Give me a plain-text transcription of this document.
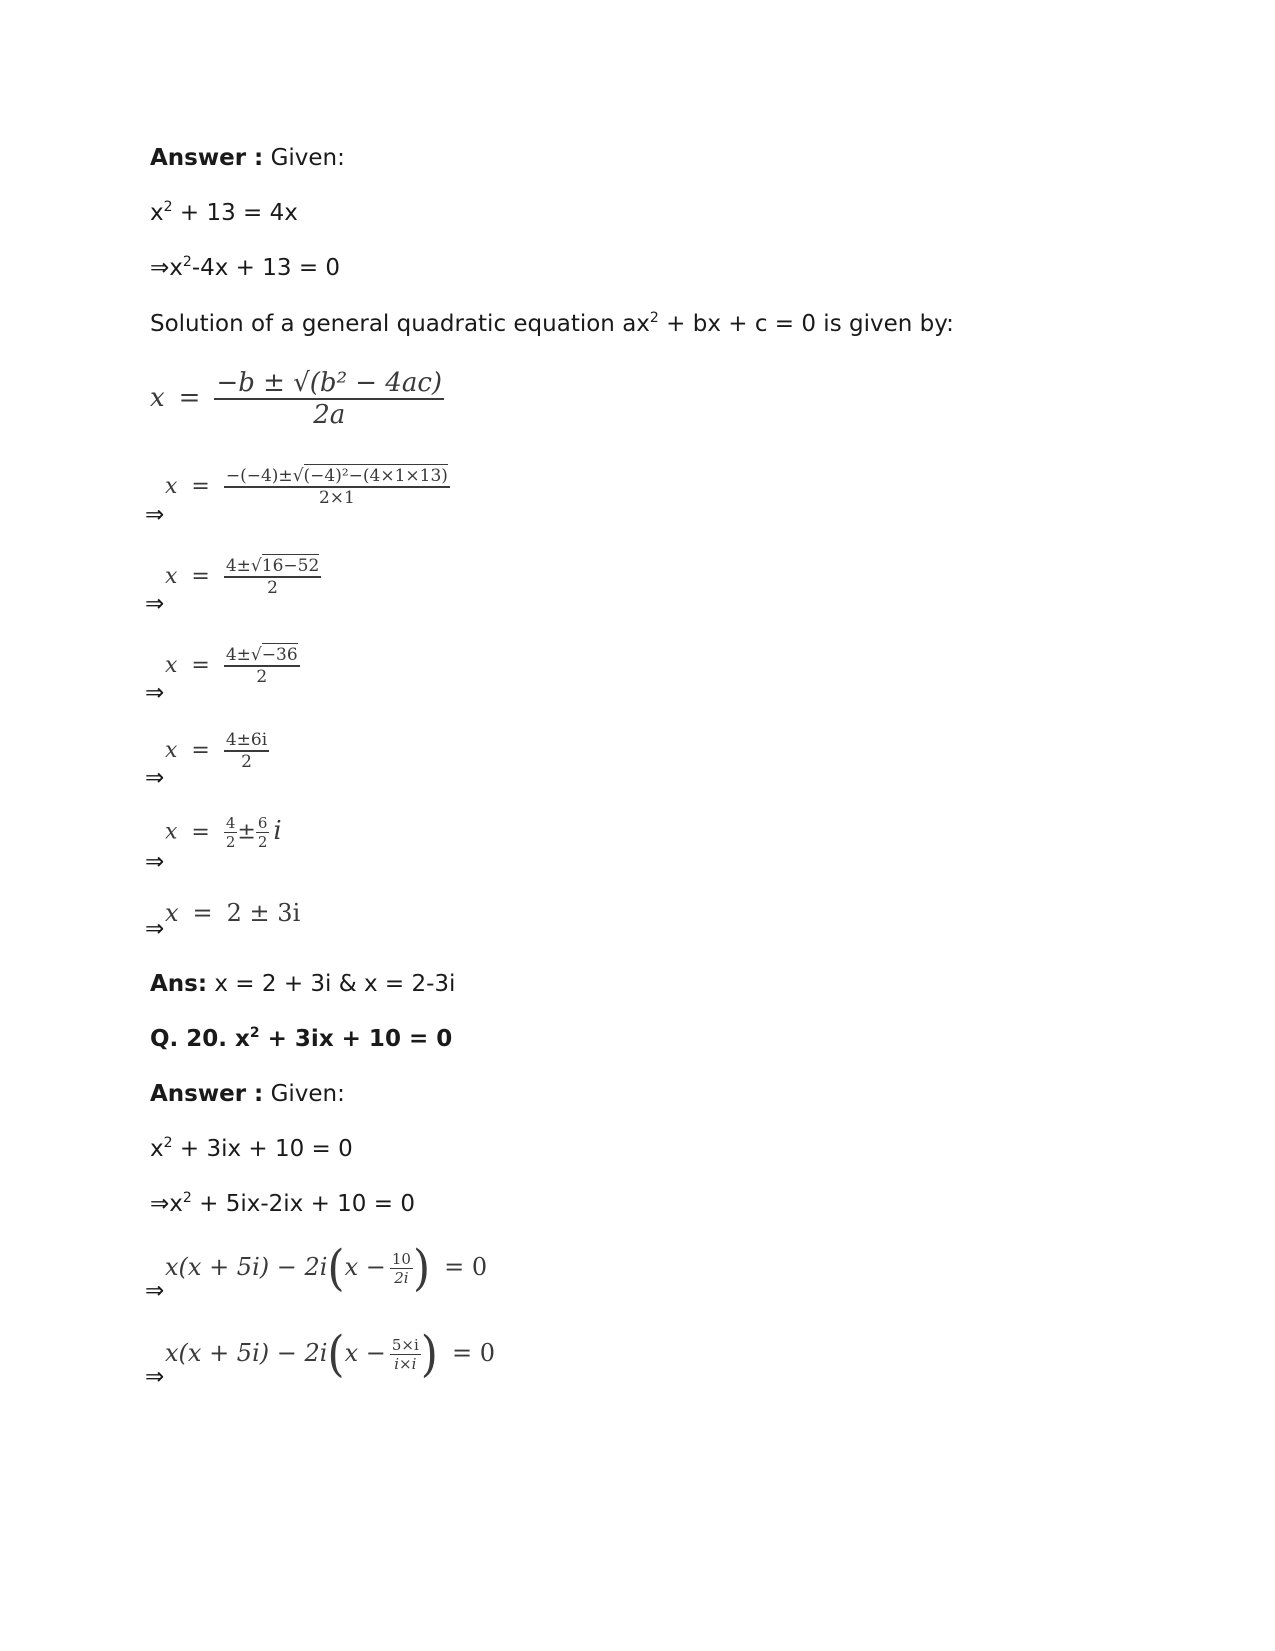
Answer : Given:
$x^2 + 13 = 4x$
$\Rightarrow x^2-4x + 13 = 0$
Solution of a general quadratic equation $ax^2$ + bx + c = 0 is given by:
$x = \frac{\text{−b ± √(b² − 4ac)}}{2a}$
⇒
$x = \frac{\text{−(−4)±√(−4)²−(4×1×13)}}{2\times 1}$
⇒
$x = \frac{4\pm√16-52}{2}$
⇒
$x = \frac{4\pm√-36}{2}$
⇒
$x = \frac{4\pm 6i}{2}$
⇒
$x = \frac{4}{2} \pm \frac{6}{2}$ i
⇒
x = 2 ± 3i
Ans: x = 2 + 3i & x = 2-3i
Q. 20. $x^2 + 3ix + 10 = 0$
Answer : Given:
$x^2 + 3ix + 10 = 0$
$\Rightarrow x^2 + 5ix-2ix + 10 = 0$
⇒
$x(x + 5i) - 2i(x - \frac{10}{2i}$ ) = 0
⇒
$x(x + 5i) - 2i(x - \frac{5\times i}{i\times i}$ ) = 0
